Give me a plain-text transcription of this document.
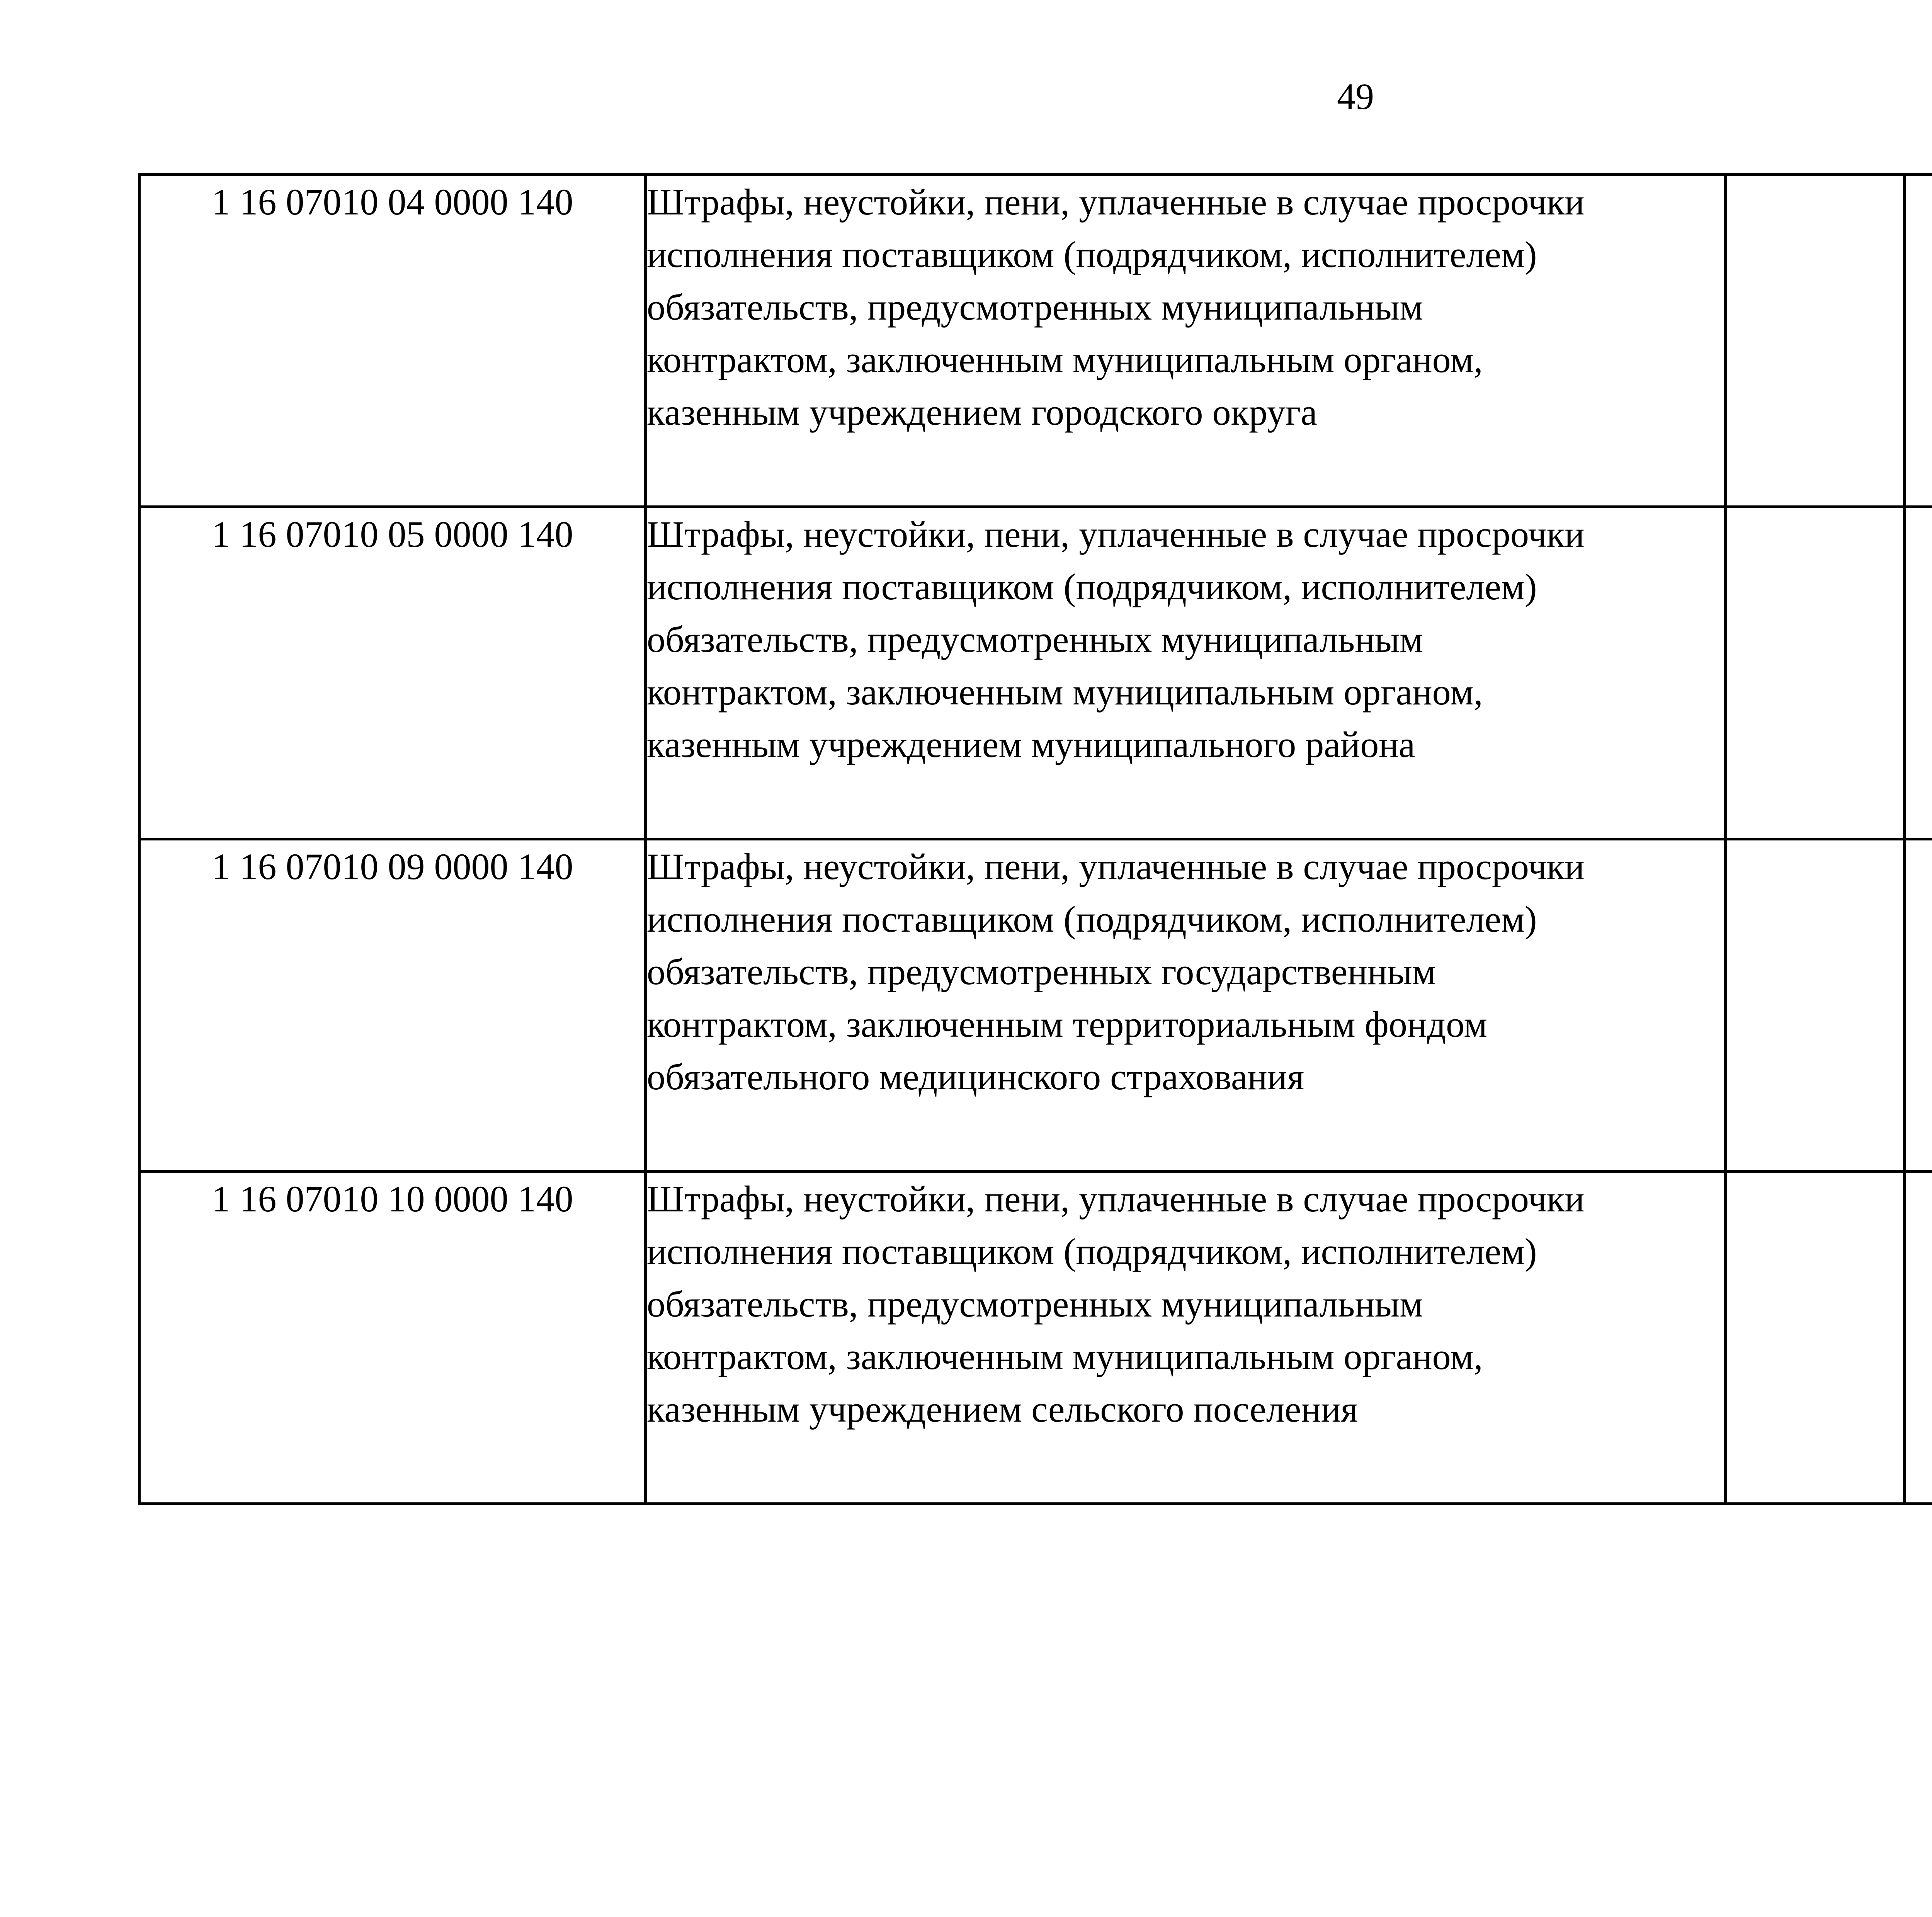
49
1 16 07010 04 0000 140	Штрафы, неустойки, пени, уплаченные в случае просрочки
исполнения поставщиком (подрядчиком, исполнителем)
обязательств, предусмотренных муниципальным
контрактом, заключенным муниципальным органом,
казенным учреждением городского округа

1 16 07010 05 0000 140	Штрафы, неустойки, пени, уплаченные в случае просрочки
исполнения поставщиком (подрядчиком, исполнителем)
обязательств, предусмотренных муниципальным
контрактом, заключенным муниципальным органом,
казенным учреждением муниципального района

1 16 07010 09 0000 140	Штрафы, неустойки, пени, уплаченные в случае просрочки
исполнения поставщиком (подрядчиком, исполнителем)
обязательств, предусмотренных государственным
контрактом, заключенным территориальным фондом
обязательного медицинского страхования

1 16 07010 10 0000 140	Штрафы, неустойки, пени, уплаченные в случае просрочки
исполнения поставщиком (подрядчиком, исполнителем)
обязательств, предусмотренных муниципальным
контрактом, заключенным муниципальным органом,
казенным учреждением сельского поселения
